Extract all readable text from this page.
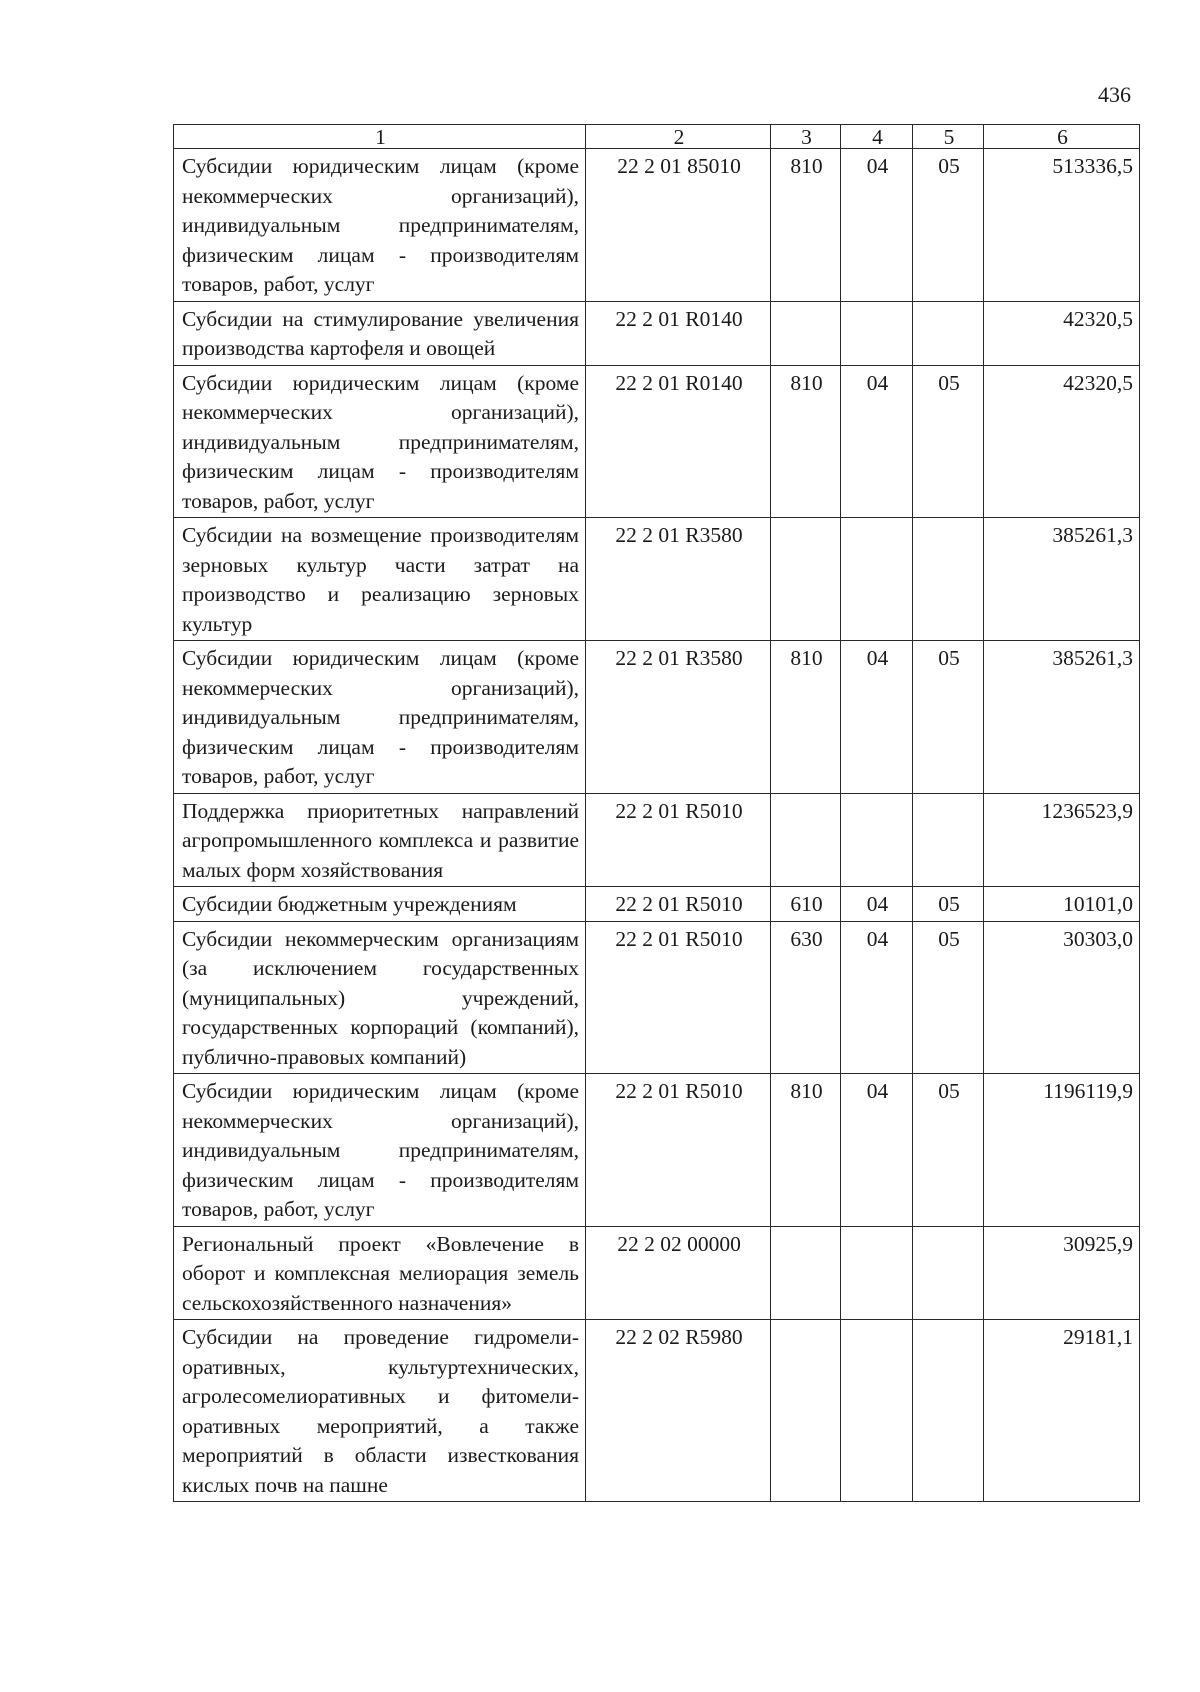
436
1	2	3	4	5	6
Субсидии юридическим лицам (кроме некоммерческих организаций), индивидуальным предпринимателям, физическим лицам - производителям товаров, работ, услуг	22 2 01 85010	810	04	05	513336,5
Субсидии на стимулирование увеличения производства картофеля и овощей	22 2 01 R0140				42320,5
Субсидии юридическим лицам (кроме некоммерческих организаций), индивидуальным предпринимателям, физическим лицам - производителям товаров, работ, услуг	22 2 01 R0140	810	04	05	42320,5
Субсидии на возмещение производителям зерновых культур части затрат на производство и реализацию зерновых культур	22 2 01 R3580				385261,3
Субсидии юридическим лицам (кроме некоммерческих организаций), индивидуальным предпринимателям, физическим лицам - производителям товаров, работ, услуг	22 2 01 R3580	810	04	05	385261,3
Поддержка приоритетных направлений агропромышленного комплекса и развитие малых форм хозяйствования	22 2 01 R5010				1236523,9
Субсидии бюджетным учреждениям	22 2 01 R5010	610	04	05	10101,0
Субсидии некоммерческим организациям (за исключением государственных (муниципальных) учреждений, государственных корпораций (компаний), публично-правовых компаний)	22 2 01 R5010	630	04	05	30303,0
Субсидии юридическим лицам (кроме некоммерческих организаций), индивидуальным предпринимателям, физическим лицам - производителям товаров, работ, услуг	22 2 01 R5010	810	04	05	1196119,9
Региональный проект «Вовлечение в оборот и комплексная мелиорация земель сельскохозяйственного назначения»	22 2 02 00000				30925,9
Субсидии на проведение гидромелиоративных, культуртехнических, агролесомелиоративных и фитомелиоративных мероприятий, а также мероприятий в области известкования кислых почв на пашне	22 2 02 R5980				29181,1
